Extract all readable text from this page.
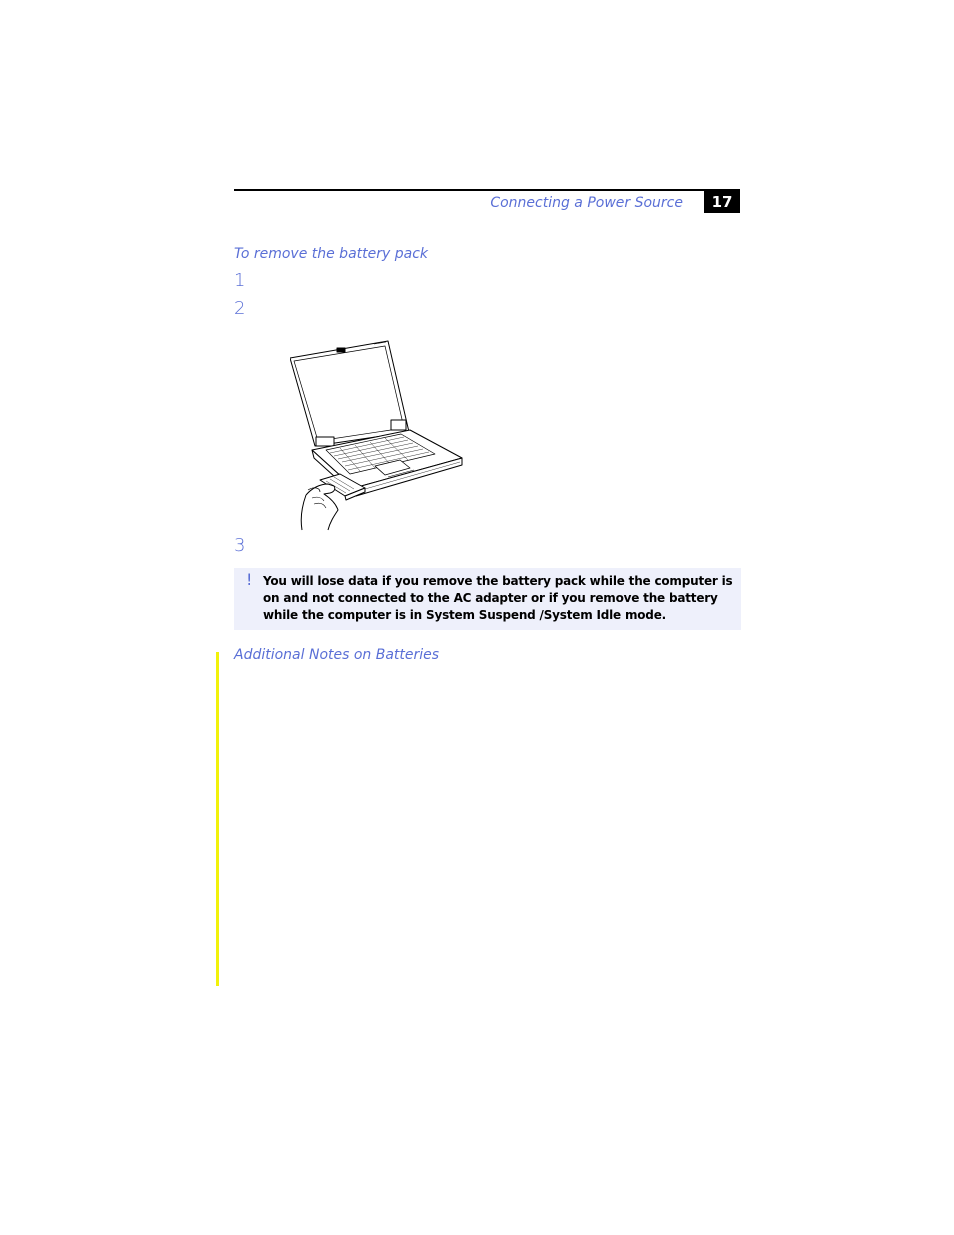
Connecting a Power Source	17
To remove the battery pack
1
2
3
! You will lose data if you remove the battery pack while the computer is on and not connected to the AC adapter or if you remove the battery while the computer is in System Suspend /System Idle mode.
Additional Notes on Batteries
